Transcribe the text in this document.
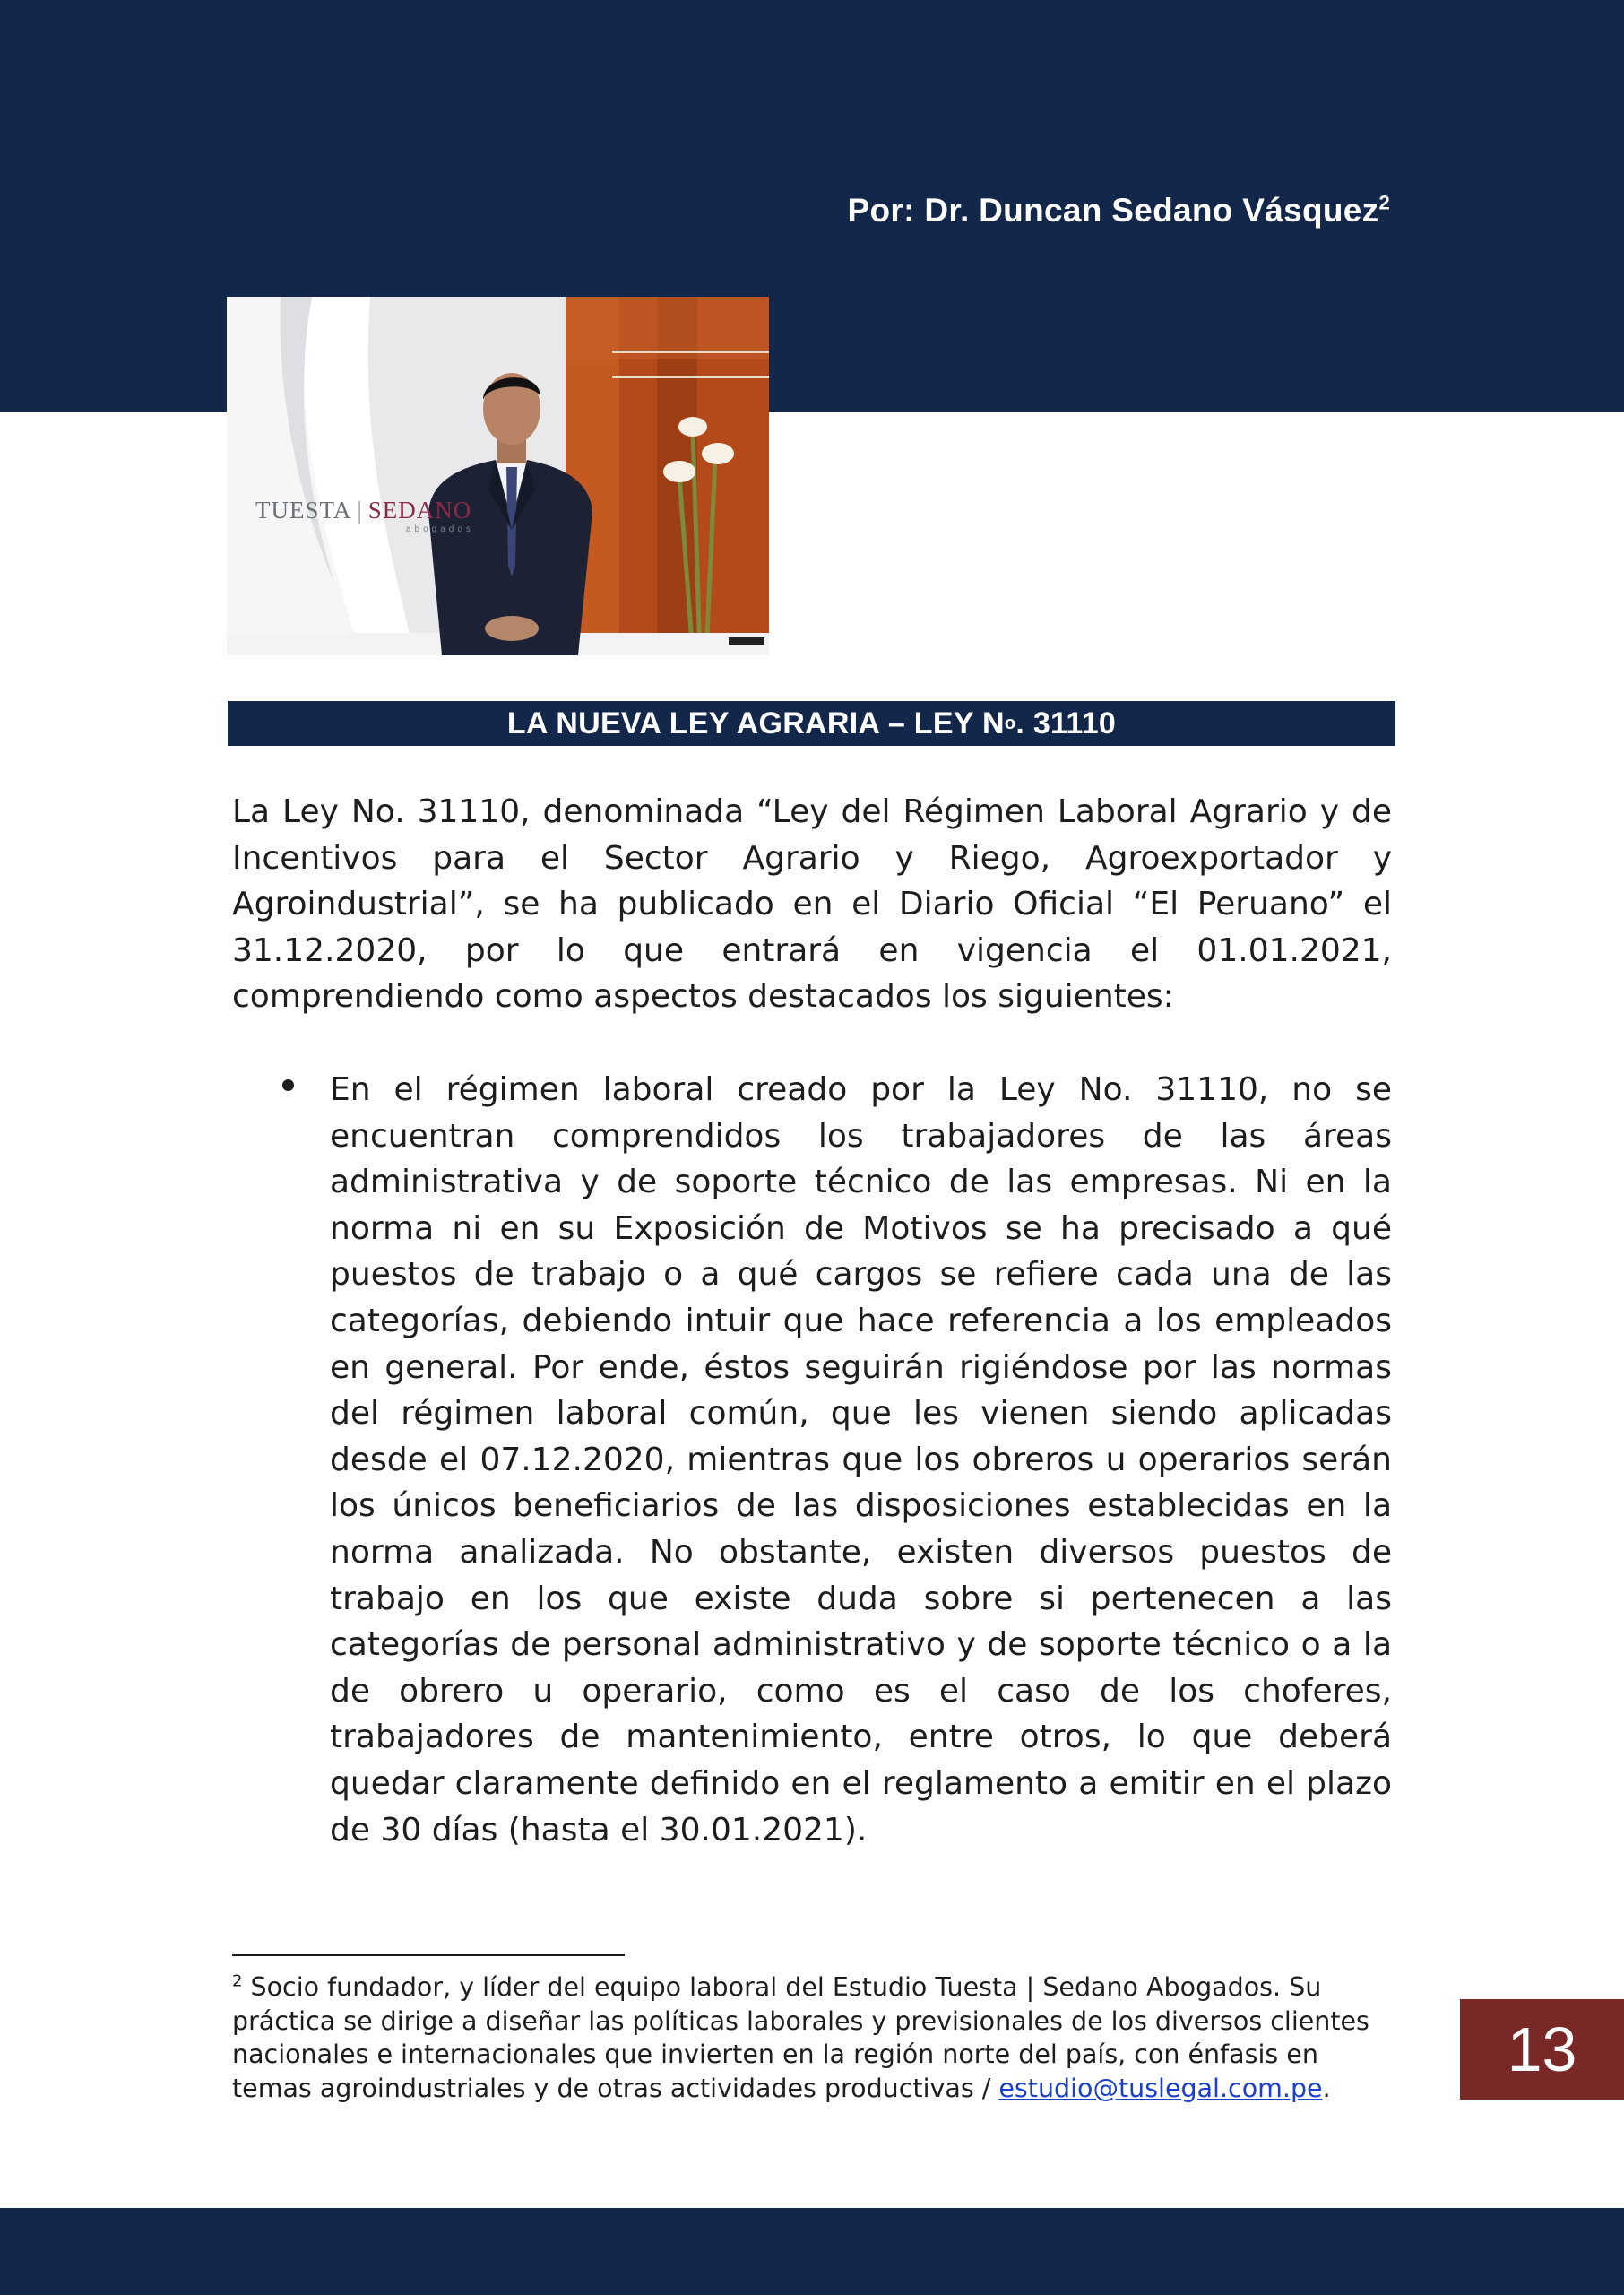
Por: Dr. Duncan Sedano Vásquez$^2$
TUESTA | SEDANO
abogados
LA NUEVA LEY AGRARIA – LEY N o . 31110

La Ley No. 31110, denominada “Ley del Régimen Laboral Agrario y de Incentivos para el Sector Agrario y Riego, Agroexportador y Agroindustrial”, se ha publicado en el Diario Oficial “El Peruano” el 31.12.2020, por lo que entrará en vigencia el 01.01.2021, comprendiendo como aspectos destacados los siguientes:

En el régimen laboral creado por la Ley No. 31110, no se encuentran comprendidos los trabajadores de las áreas administrativa y de soporte técnico de las empresas. Ni en la norma ni en su Exposición de Motivos se ha precisado a qué puestos de trabajo o a qué cargos se refiere cada una de las categorías, debiendo intuir que hace referencia a los empleados en general. Por ende, éstos seguirán rigiéndose por las normas del régimen laboral común, que les vienen siendo aplicadas desde el 07.12.2020, mientras que los obreros u operarios serán los únicos beneficiarios de las disposiciones establecidas en la norma analizada. No obstante, existen diversos puestos de trabajo en los que existe duda sobre si pertenecen a las categorías de personal administrativo y de soporte técnico o a la de obrero u operario, como es el caso de los choferes, trabajadores de mantenimiento, entre otros, lo que deberá quedar claramente definido en el reglamento a emitir en el plazo de 30 días (hasta el 30.01.2021).

$^2$ Socio fundador, y líder del equipo laboral del Estudio Tuesta | Sedano Abogados. Su práctica se dirige a diseñar las políticas laborales y previsionales de los diversos clientes nacionales e internacionales que invierten en la región norte del país, con énfasis en temas agroindustriales y de otras actividades productivas / estudio@tuslegal.com.pe.

13
